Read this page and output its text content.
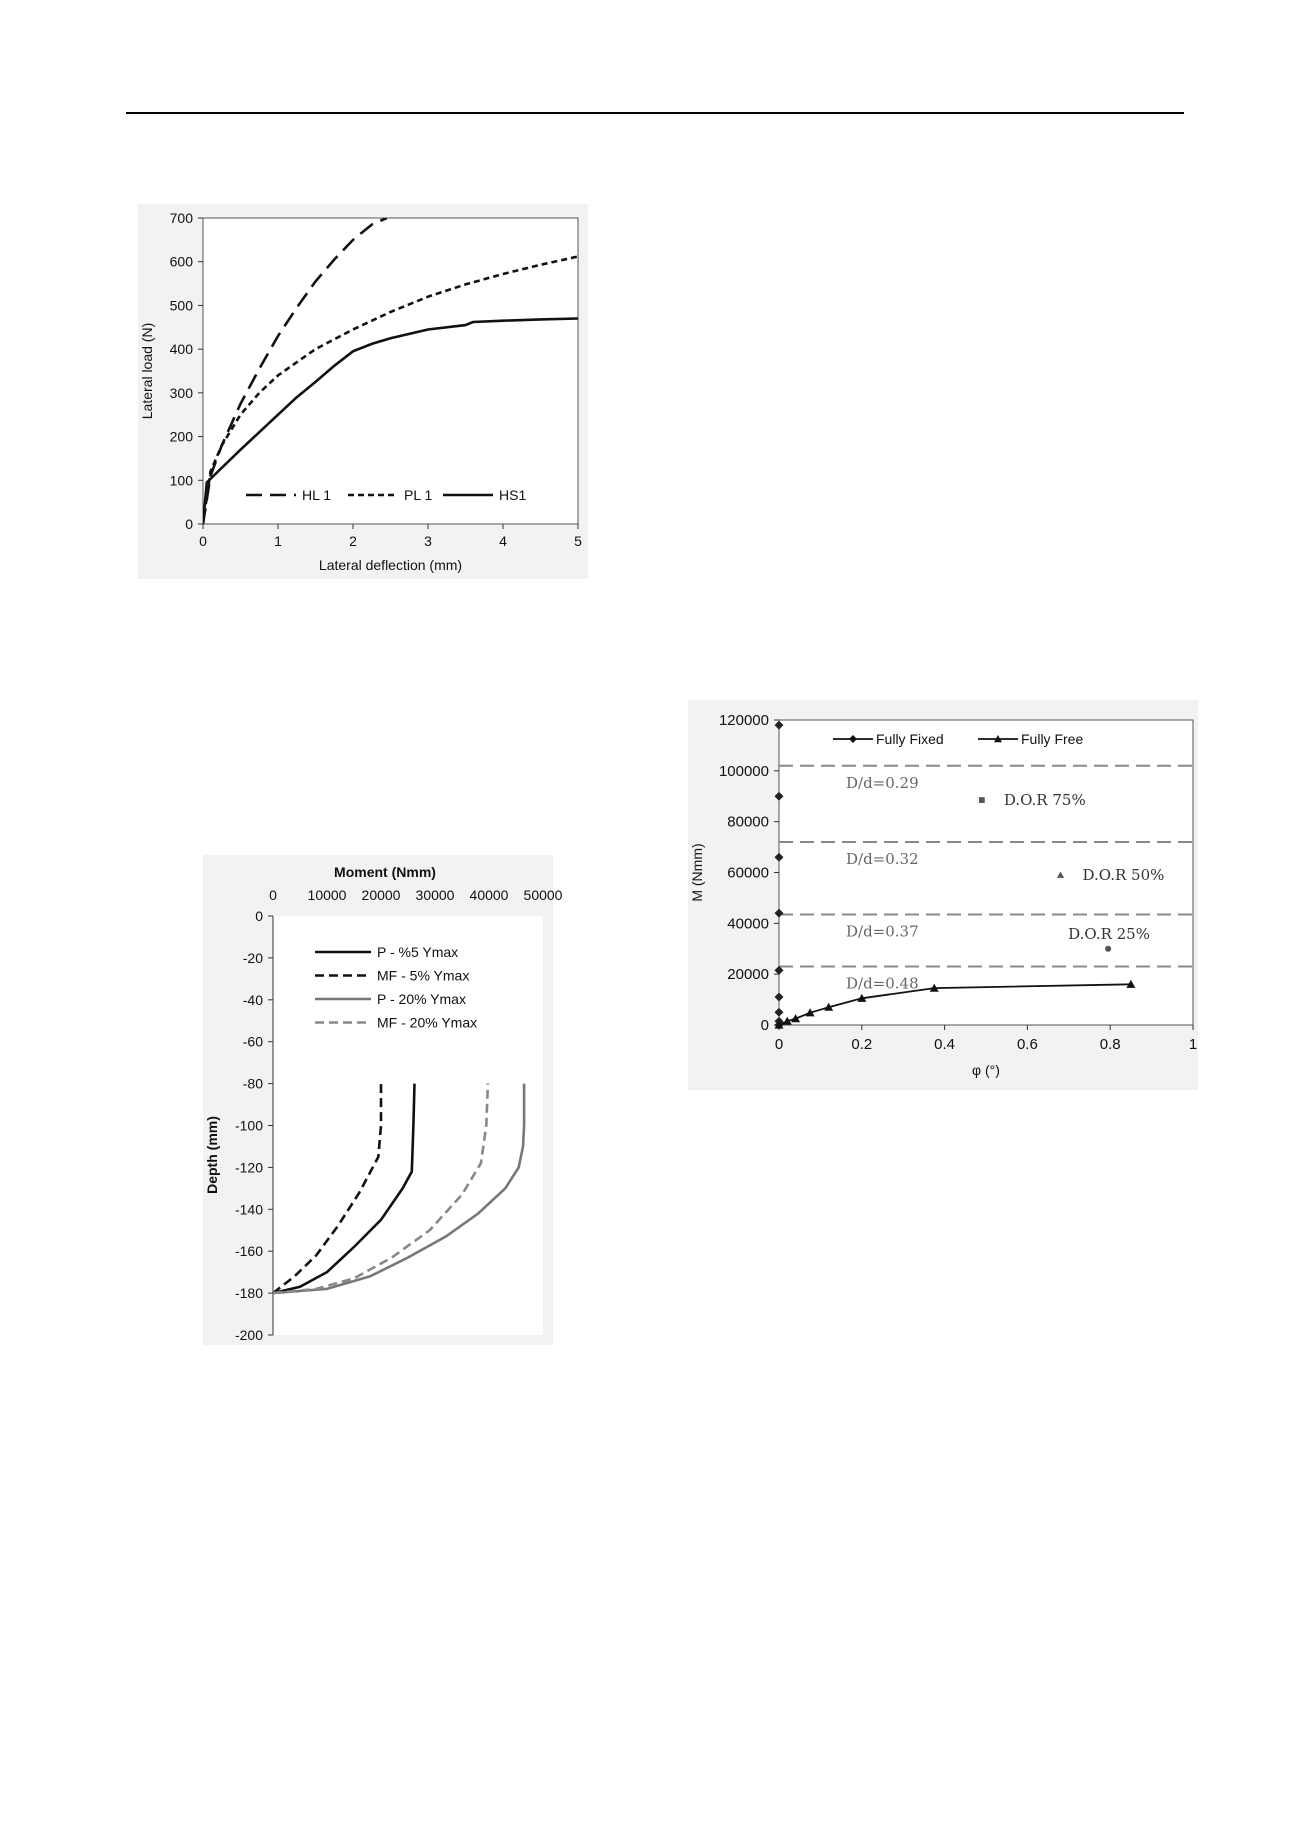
0	1	2	3	4	5
0
100
200
300
400
500
600
700
Lateral deflection (mm)
Lateral load (N)
HL 1	PL 1	HS1
0 10000 20000 30000 40000 50000
0
-20
-40
-60
-80
-100
-120
-140
-160
-180
-200
Moment (Nmm)
Depth (mm)
P - %5 Ymax
MF - 5% Ymax
P - 20% Ymax
MF - 20% Ymax
0	0.2	0.4	0.6	0.8	1
0
20000
40000
60000
80000
100000
120000
φ (°)
M (Nmm)
D/d=0.29
D/d=0.32
D/d=0.37
D/d=0.48
D.O.R 75%
D.O.R 50%
D.O.R 25%
Fully Fixed	Fully Free
